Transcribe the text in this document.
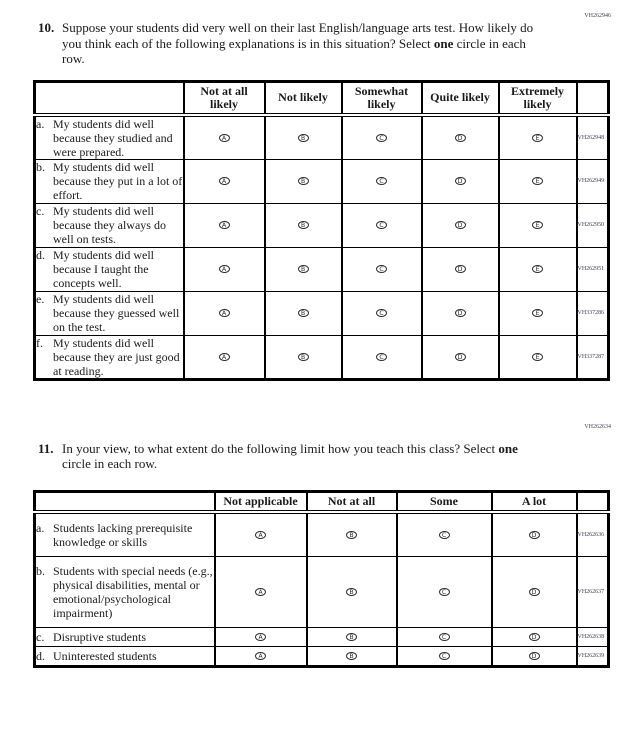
VH262946
10. Suppose your students did very well on their last English/language arts test. How likely do you think each of the following explanations is in this situation? Select one circle in each row.
	Not at all likely	Not likely	Somewhat likely	Quite likely	Extremely likely	

a. My students did well because they studied and were prepared.	A	B	C	D	E	VH262948

b. My students did well because they put in a lot of effort.	A	B	C	D	E	VH262949

c. My students did well because they always do well on tests.	A	B	C	D	E	VH262950

d. My students did well because I taught the concepts well.	A	B	C	D	E	VH262951

e. My students did well because they guessed well on the test.	A	B	C	D	E	VH337286

f. My students did well because they are just good at reading.	A	B	C	D	E	VH337287
VH262634
11. In your view, to what extent do the following limit how you teach this class? Select one circle in each row.
	Not applicable	Not at all	Some	A lot	

a. Students lacking prerequisite knowledge or skills	A	B	C	D	VH262636

b. Students with special needs (e.g., physical disabilities, mental or emotional/psychological impairment)	A	B	C	D	VH262637

c. Disruptive students	A	B	C	D	VH262638

d. Uninterested students	A	B	C	D	VH262639
